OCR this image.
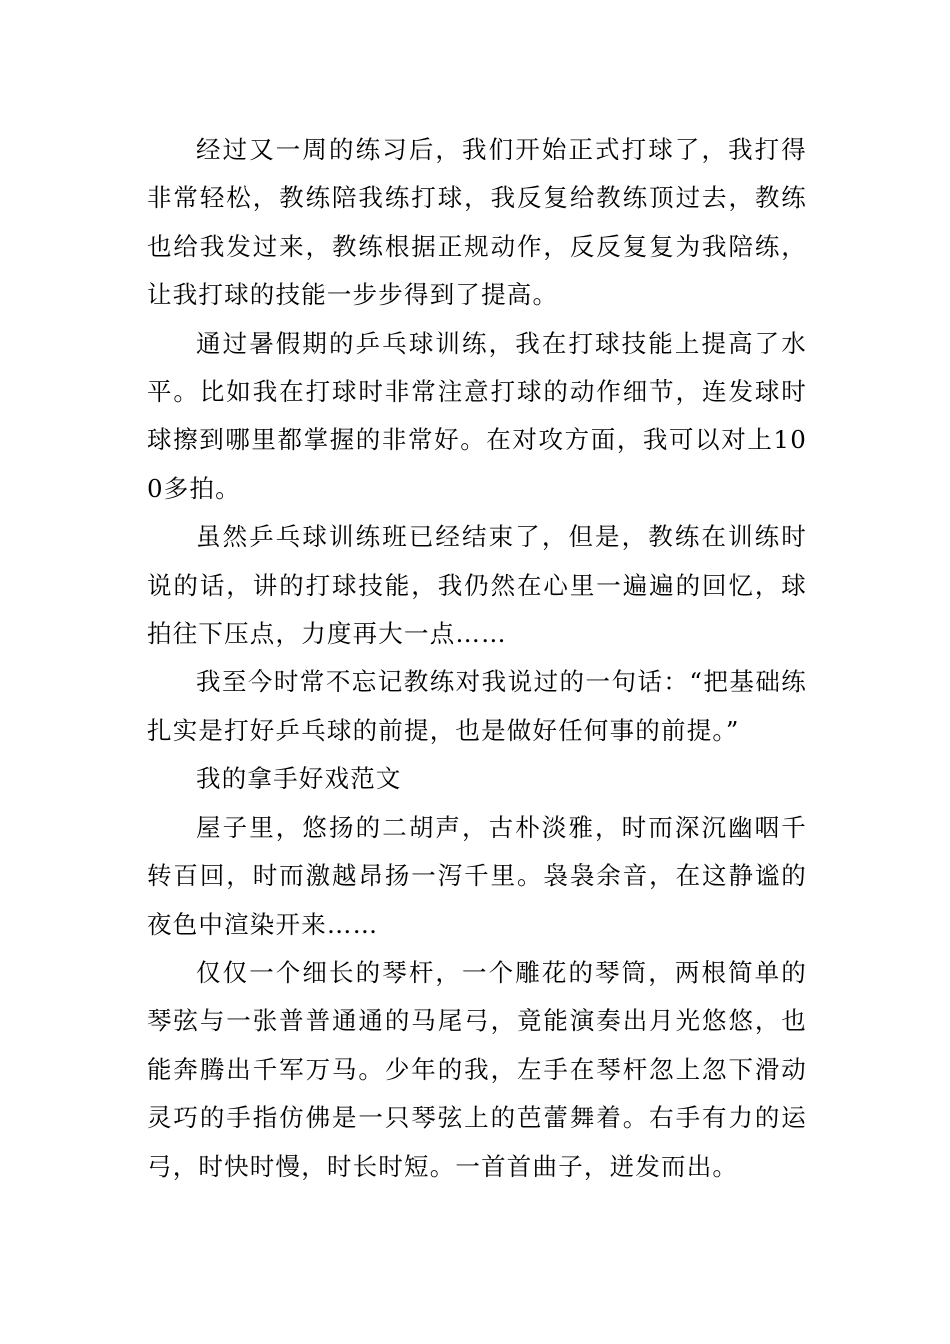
经过又一周的练习后，我们开始正式打球了，我打得非常轻松，教练陪我练打球，我反复给教练顶过去，教练也给我发过来，教练根据正规动作，反反复复为我陪练，让我打球的技能一步步得到了提高。

通过暑假期的乒乓球训练，我在打球技能上提高了水平。比如我在打球时非常注意打球的动作细节，连发球时球擦到哪里都掌握的非常好。在对攻方面，我可以对上100多拍。

虽然乒乓球训练班已经结束了，但是，教练在训练时说的话，讲的打球技能，我仍然在心里一遍遍的回忆，球拍往下压点，力度再大一点……

我至今时常不忘记教练对我说过的一句话：“把基础练扎实是打好乒乓球的前提，也是做好任何事的前提。”

我的拿手好戏范文

屋子里，悠扬的二胡声，古朴淡雅，时而深沉幽咽千转百回，时而激越昂扬一泻千里。袅袅余音，在这静谧的夜色中渲染开来……

仅仅一个细长的琴杆，一个雕花的琴筒，两根简单的琴弦与一张普普通通的马尾弓，竟能演奏出月光悠悠，也能奔腾出千军万马。少年的我，左手在琴杆忽上忽下滑动灵巧的手指仿佛是一只琴弦上的芭蕾舞着。右手有力的运弓，时快时慢，时长时短。一首首曲子，迸发而出。
